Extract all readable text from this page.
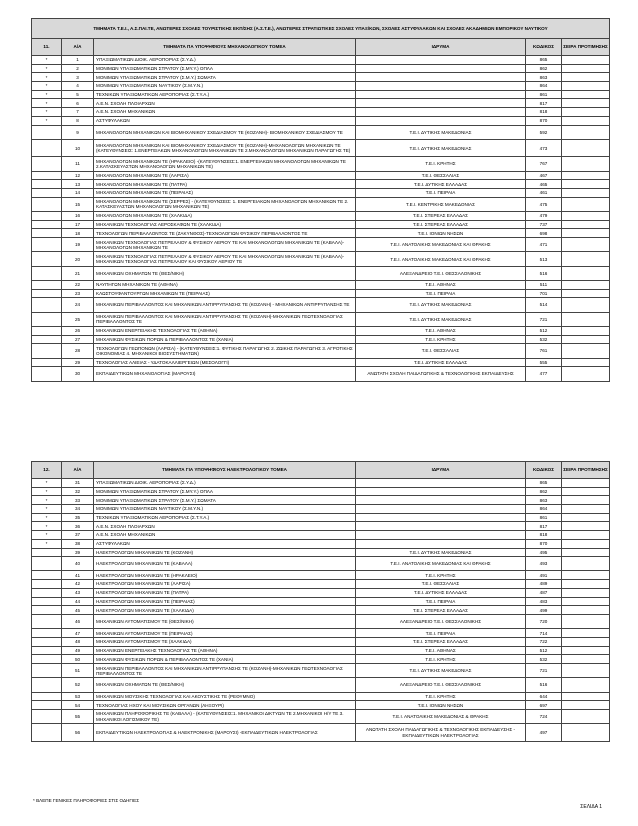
ΤΜΗΜΑΤΑ Τ.Ε.Ι., Α.Σ.ΠΑΙ.ΤΕ, ΑΝΩΤΕΡΕΣ ΣΧΟΛΕΣ ΤΟΥΡΙΣΤΙΚΗΣ ΕΚΠ/ΣΗΣ (Α.Σ.Τ.Ε.), ΑΝΩΤΕΡΕΣ ΣΤΡΑΤΙΩΤΙΚΕΣ ΣΧΟΛΕΣ ΥΠΑΞ/ΚΩΝ, ΣΧΟΛΕΣ ΑΣΤΥΦΥΛΑΚΩΝ ΚΑΙ ΣΧΟΛΕΣ ΑΚΑΔΗΜΙΩΝ ΕΜΠΟΡΙΚΟΥ ΝΑΥΤΙΚΟΥ					
11.	Α/Α	ΤΜΗΜΑΤΑ ΠΑ ΥΠΟΨΗΦΙΟΥΣ ΜΗΧΑΝΟΛΟΓΙΚΟΥ ΤΟΜΕΑ	ΙΔΡΥΜΑ	ΚΩΔΙΚΟΣ	ΣΕΙΡΑ ΠΡΟΤΙΜΗΣΗΣ
*	1	ΥΠΑΞΙΩΜΑΤΙΚΩΝ ΔΙΟΙΚ. ΑΕΡΟΠΟΡΙΑΣ (Σ.Υ.Δ.)		865	
*	2	ΜΟΝΙΜΩΝ ΥΠΑΞΙΩΜΑΤΙΚΩΝ ΣΤΡΑΤΟΥ (Σ.ΜΥ.Υ.) ΟΠΛΑ		862	
*	3	ΜΟΝΙΜΩΝ ΥΠΑΞΙΩΜΑΤΙΚΩΝ ΣΤΡΑΤΟΥ (Σ.Μ.Υ.) ΣΩΜΑΤΑ		863	
*	4	ΜΟΝΙΜΩΝ ΥΠΑΞΙΩΜΑΤΙΚΩΝ ΝΑΥΤΙΚΟΥ (Σ.Μ.Υ.Ν.)		864	
*	5	ΤΕΧΝΙΚΩΝ ΥΠΑΞΙΩΜΑΤΙΚΩΝ ΑΕΡΟΠΟΡΙΑΣ (Σ.Τ.Υ.Α.)		861	
*	6	Α.Ε.Ν. ΣΧΟΛΗ ΠΛΟΙΑΡΧΩΝ		817	
*	7	Α.Ε.Ν. ΣΧΟΛΗ ΜΗΧΑΝΙΚΩΝ		818	
*	8	ΑΣΤΥΦΥΛΑΚΩΝ		870	
	9	ΜΗΧΑΝΟΛΟΓΩΝ ΜΗΧΑΝΙΚΩΝ ΚΑΙ ΒΙΟΜΗΧΑΝΙΚΟΥ ΣΧΕΔΙΑΣΜΟΥ ΤΕ (ΚΟΖΑΝΗ)- ΒΙΟΜΗΧΑΝΙΚΟΥ ΣΧΕΔΙΑΣΜΟΥ ΤΕ	Τ.Ε.Ι. ΔΥΤΙΚΗΣ ΜΑΚΕΔΟΝΙΑΣ	592	
	10	ΜΗΧΑΝΟΛΟΓΩΝ ΜΗΧΑΝΙΚΩΝ ΚΑΙ ΒΙΟΜΗΧΑΝΙΚΟΥ ΣΧΕΔΙΑΣΜΟΥ ΤΕ (ΚΟΖΑΝΗ)-ΜΗΧΑΝΟΛΟΓΩΝ ΜΗΧΑΝΙΚΩΝ ΤΕ (ΚΑΤΕΥΘΥΝΣΕΙΣ: 1.ΕΝΕΡΓΕΙΑΚΩΝ ΜΗΧΑΝΟΛΟΓΩΝ ΜΗΧΑΝΙΚΩΝ ΤΕ 2.ΜΗΧΑΝΟΛΟΓΩΝ ΜΗΧΑΝΙΚΩΝ ΠΑΡΑΓΩΓΗΣ ΤΕ)	Τ.Ε.Ι. ΔΥΤΙΚΗΣ ΜΑΚΕΔΟΝΙΑΣ	473	
	11	ΜΗΧΑΝΟΛΟΓΩΝ ΜΗΧΑΝΙΚΩΝ ΤΕ (ΗΡΑΚΛΕΙΟ) -(ΚΑΤΕΥΘΥΝΣΕΙΣ:1. ΕΝΕΡΓΕΙΑΚΩΝ ΜΗΧΑΝΟΛΟΓΩΝ ΜΗΧΑΝΙΚΩΝ ΤΕ 2.ΚΑΤΑΣΚΕΥΑΣΤΩΝ ΜΗΧΑΝΟΛΟΓΩΝ ΜΗΧΑΝΙΚΩΝ ΤΕ)	Τ.Ε.Ι. ΚΡΗΤΗΣ	767	
	12	ΜΗΧΑΝΟΛΟΓΩΝ ΜΗΧΑΝΙΚΩΝ ΤΕ (ΛΑΡΙΣΑ)	Τ.Ε.Ι. ΘΕΣΣΑΛΙΑΣ	467	
	13	ΜΗΧΑΝΟΛΟΓΩΝ ΜΗΧΑΝΙΚΩΝ ΤΕ (ΠΑΤΡΑ)	Τ.Ε.Ι. ΔΥΤΙΚΗΣ ΕΛΛΑΔΑΣ	465	
	14	ΜΗΧΑΝΟΛΟΓΩΝ ΜΗΧΑΝΙΚΩΝ ΤΕ (ΠΕΙΡΑΙΑΣ)	Τ.Ε.Ι. ΠΕΙΡΑΙΑ	461	
	15	ΜΗΧΑΝΟΛΟΓΩΝ ΜΗΧΑΝΙΚΩΝ ΤΕ (ΣΕΡΡΕΣ) - (ΚΑΤΕΥΘΥΝΣΕΙΣ: 1. ΕΝΕΡΓΕΙΑΚΩΝ ΜΗΧΑΝΟΛΟΓΩΝ ΜΗΧΑΝΙΚΩΝ ΤΕ 2. ΚΑΤΑΣΚΕΥΑΣΤΩΝ ΜΗΧΑΝΟΛΟΓΩΝ ΜΗΧΑΝΙΚΩΝ ΤΕ)	Τ.Ε.Ι. ΚΕΝΤΡΙΚΗΣ ΜΑΚΕΔΟΝΙΑΣ	475	
	16	ΜΗΧΑΝΟΛΟΓΩΝ ΜΗΧΑΝΙΚΩΝ ΤΕ (ΧΑΛΚΙΔΑ)	Τ.Ε.Ι. ΣΤΕΡΕΑΣ ΕΛΛΑΔΑΣ	479	
	17	ΜΗΧΑΝΙΚΩΝ ΤΕΧΝΟΛΟΓΙΑΣ ΑΕΡΟΣΚΑΦΩΝ ΤΕ (ΧΑΛΚΙΔΑ)	Τ.Ε.Ι. ΣΤΕΡΕΑΣ ΕΛΛΑΔΑΣ	737	
	18	ΤΕΧΝΟΛΟΓΩΝ ΠΕΡΙΒΑΛΛΟΝΤΟΣ ΤΕ (ΖΑΚΥΝΘΟΣ)-ΤΕΧΝΟΛΟΓΙΩΝ ΦΥΣΙΚΟΥ ΠΕΡΙΒΑΛΛΟΝΤΟΣ ΤΕ	Τ.Ε.Ι. ΙΟΝΙΩΝ ΝΗΣΩΝ	698	
	19	ΜΗΧΑΝΙΚΩΝ ΤΕΧΝΟΛΟΓΙΑΣ ΠΕΤΡΕΛΑΙΟΥ & ΦΥΣΙΚΟΥ ΑΕΡΙΟΥ ΤΕ ΚΑΙ ΜΗΧΑΝΟΛΟΓΩΝ ΜΗΧΑΝΙΚΩΝ ΤΕ (ΚΑΒΑΛΑ)-ΜΗΧΑΝΟΛΟΓΩΝ ΜΗΧΑΝΙΚΩΝ ΤΕ	Τ.Ε.Ι. ΑΝΑΤΟΛΙΚΗΣ ΜΑΚΕΔΟΝΙΑΣ ΚΑΙ ΘΡΑΚΗΣ	471	
	20	ΜΗΧΑΝΙΚΩΝ ΤΕΧΝΟΛΟΓΙΑΣ ΠΕΤΡΕΛΑΙΟΥ & ΦΥΣΙΚΟΥ ΑΕΡΙΟΥ ΤΕ ΚΑΙ ΜΗΧΑΝΟΛΟΓΩΝ ΜΗΧΑΝΙΚΩΝ ΤΕ (ΚΑΒΑΛΑ)-ΜΗΧΑΝΙΚΩΝ ΤΕΧΝΟΛΟΓΙΑΣ ΠΕΤΡΕΛΑΙΟΥ ΚΑΙ ΦΥΣΙΚΟΥ ΑΕΡΙΟΥ ΤΕ	Τ.Ε.Ι. ΑΝΑΤΟΛΙΚΗΣ ΜΑΚΕΔΟΝΙΑΣ ΚΑΙ ΘΡΑΚΗΣ	513	
	21	ΜΗΧΑΝΙΚΩΝ ΟΧΗΜΑΤΩΝ ΤΕ (ΘΕΣ/ΝΙΚΗ)	ΑΛΕΞΑΝΔΡΕΙΟ Τ.Ε.Ι. ΘΕΣΣΑΛΟΝΙΚΗΣ	516	
	22	ΝΑΥΠΗΓΩΝ ΜΗΧΑΝΙΚΩΝ ΤΕ (ΑΘΗΝΑ)	Τ.Ε.Ι. ΑΘΗΝΑΣ	511	
	23	ΚΛΩΣΤΟΥΦΑΝΤΟΥΡΓΩΝ ΜΗΧΑΝΙΚΩΝ ΤΕ (ΠΕΙΡΑΙΑΣ)	Τ.Ε.Ι. ΠΕΙΡΑΙΑ	701	
	24	ΜΗΧΑΝΙΚΩΝ ΠΕΡΙΒΑΛΛΟΝΤΟΣ ΚΑΙ ΜΗΧΑΝΙΚΩΝ ΑΝΤΙΡΡΥΠΑΝΣΗΣ ΤΕ (ΚΟΖΑΝΗ) - ΜΗΧΑΝΙΚΩΝ ΑΝΤΙΡΡΥΠΑΝΣΗΣ ΤΕ	Τ.Ε.Ι. ΔΥΤΙΚΗΣ ΜΑΚΕΔΟΝΙΑΣ	514	
	25	ΜΗΧΑΝΙΚΩΝ ΠΕΡΙΒΑΛΛΟΝΤΟΣ ΚΑΙ ΜΗΧΑΝΙΚΩΝ ΑΝΤΙΡΡΥΠΑΝΣΗΣ ΤΕ (ΚΟΖΑΝΗ)-ΜΗΧΑΝΙΚΩΝ ΓΕΩΤΕΧΝΟΛΟΓΙΑΣ ΠΕΡΙΒΑΛΛΟΝΤΟΣ ΤΕ	Τ.Ε.Ι. ΔΥΤΙΚΗΣ ΜΑΚΕΔΟΝΙΑΣ	721	
	26	ΜΗΧΑΝΙΚΩΝ ΕΝΕΡΓΕΙΑΚΗΣ ΤΕΧΝΟΛΟΓΙΑΣ ΤΕ (ΑΘΗΝΑ)	Τ.Ε.Ι. ΑΘΗΝΑΣ	512	
	27	ΜΗΧΑΝΙΚΩΝ ΦΥΣΙΚΩΝ ΠΟΡΩΝ & ΠΕΡΙΒΑΛΛΟΝΤΟΣ ΤΕ (ΧΑΝΙΑ)	Τ.Ε.Ι. ΚΡΗΤΗΣ	532	
	28	ΤΕΧΝΟΛΟΓΩΝ ΓΕΩΠΟΝΩΝ (ΛΑΡΙΣΑ) - (ΚΑΤΕΥΘΥΝΣΕΙΣ:1. ΦΥΤΙΚΗΣ ΠΑΡΑΓΩΓΗΣ 2. ΖΩΙΚΗΣ ΠΑΡΑΓΩΓΗΣ 3. ΑΓΡΟΤΙΚΗΣ ΟΙΚΟΝΟΜΙΑΣ 4. ΜΗΧΑΝΙΚΟΙ ΒΙΟΣΥΣΤΗΜΑΤΩΝ)	Τ.Ε.Ι. ΘΕΣΣΑΛΙΑΣ	761	
	29	ΤΕΧΝΟΛΟΓΙΑΣ ΑΛΙΕΙΑΣ - ΥΔΑΤΟΚΑΛΛΙΕΡΓΕΙΩΝ (ΜΕΣΟΛΟΓΓΙ)	Τ.Ε.Ι. ΔΥΤΙΚΗΣ ΕΛΛΑΔΑΣ	555	
	30	ΕΚΠΑΙΔΕΥΤΙΚΩΝ ΜΗΧΑΝΟΛΟΓΙΑΣ (ΜΑΡΟΥΣΙ)	ΑΝΩΤΑΤΗ ΣΧΟΛΗ ΠΑΙΔΑΓΩΓΙΚΗΣ & ΤΕΧΝΟΛΟΓΙΚΗΣ ΕΚΠΑΙΔΕΥΣΗΣ	477	
12.	Α/Α	ΤΜΗΜΑΤΑ ΓΙΑ ΥΠΟΨΗΦΙΟΥΣ ΗΛΕΚΤΡΟΛΟΓΙΚΟΥ ΤΟΜΕΑ	ΙΔΡΥΜΑ	ΚΩΔΙΚΟΣ	ΣΕΙΡΑ ΠΡΟΤΙΜΗΣΗΣ
*	31	ΥΠΑΞΙΩΜΑΤΙΚΩΝ ΔΙΟΙΚ. ΑΕΡΟΠΟΡΙΑΣ (Σ.Υ.Δ.)		865	
*	32	ΜΟΝΙΜΩΝ ΥΠΑΞΙΩΜΑΤΙΚΩΝ ΣΤΡΑΤΟΥ (Σ.ΜΥ.Υ.) ΟΠΛΑ		862	
*	33	ΜΟΝΙΜΩΝ ΥΠΑΞΙΩΜΑΤΙΚΩΝ ΣΤΡΑΤΟΥ (Σ.Μ.Υ.) ΣΩΜΑΤΑ		863	
*	34	ΜΟΝΙΜΩΝ ΥΠΑΞΙΩΜΑΤΙΚΩΝ ΝΑΥΤΙΚΟΥ (Σ.Μ.Υ.Ν.)		864	
*	35	ΤΕΧΝΙΚΩΝ ΥΠΑΞΙΩΜΑΤΙΚΩΝ ΑΕΡΟΠΟΡΙΑΣ (Σ.Τ.Υ.Α.)		861	
*	36	Α.Ε.Ν. ΣΧΟΛΗ ΠΛΟΙΑΡΧΩΝ		817	
*	37	Α.Ε.Ν. ΣΧΟΛΗ ΜΗΧΑΝΙΚΩΝ		818	
*	38	ΑΣΤΥΦΥΛΑΚΩΝ		870	
	39	ΗΛΕΚΤΡΟΛΟΓΩΝ ΜΗΧΑΝΙΚΩΝ ΤΕ (ΚΟΖΑΝΗ)	Τ.Ε.Ι. ΔΥΤΙΚΗΣ ΜΑΚΕΔΟΝΙΑΣ	495	
	40	ΗΛΕΚΤΡΟΛΟΓΩΝ ΜΗΧΑΝΙΚΩΝ ΤΕ (ΚΑΒΑΛΑ)	Τ.Ε.Ι. ΑΝΑΤΟΛΙΚΗΣ ΜΑΚΕΔΟΝΙΑΣ ΚΑΙ ΘΡΑΚΗΣ	493	
	41	ΗΛΕΚΤΡΟΛΟΓΩΝ ΜΗΧΑΝΙΚΩΝ ΤΕ (ΗΡΑΚΛΕΙΟ)	Τ.Ε.Ι. ΚΡΗΤΗΣ	491	
	42	ΗΛΕΚΤΡΟΛΟΓΩΝ ΜΗΧΑΝΙΚΩΝ ΤΕ (ΛΑΡΙΣΑ)	Τ.Ε.Ι. ΘΕΣΣΑΛΙΑΣ	489	
	43	ΗΛΕΚΤΡΟΛΟΓΩΝ ΜΗΧΑΝΙΚΩΝ ΤΕ (ΠΑΤΡΑ)	Τ.Ε.Ι. ΔΥΤΙΚΗΣ ΕΛΛΑΔΑΣ	487	
	44	ΗΛΕΚΤΡΟΛΟΓΩΝ ΜΗΧΑΝΙΚΩΝ ΤΕ (ΠΕΙΡΑΙΑΣ)	Τ.Ε.Ι. ΠΕΙΡΑΙΑ	483	
	45	ΗΛΕΚΤΡΟΛΟΓΩΝ ΜΗΧΑΝΙΚΩΝ ΤΕ (ΧΑΛΚΙΔΑ)	Τ.Ε.Ι. ΣΤΕΡΕΑΣ ΕΛΛΑΔΑΣ	499	
	46	ΜΗΧΑΝΙΚΩΝ ΑΥΤΟΜΑΤΙΣΜΟΥ ΤΕ (ΘΕΣ/ΝΙΚΗ)	ΑΛΕΞΑΝΔΡΕΙΟ Τ.Ε.Ι. ΘΕΣΣΑΛΟΝΙΚΗΣ	720	
	47	ΜΗΧΑΝΙΚΩΝ ΑΥΤΟΜΑΤΙΣΜΟΥ ΤΕ (ΠΕΙΡΑΙΑΣ)	Τ.Ε.Ι. ΠΕΙΡΑΙΑ	714	
	48	ΜΗΧΑΝΙΚΩΝ ΑΥΤΟΜΑΤΙΣΜΟΥ ΤΕ (ΧΑΛΚΙΔΑ)	Τ.Ε.Ι. ΣΤΕΡΕΑΣ ΕΛΛΑΔΑΣ	722	
	49	ΜΗΧΑΝΙΚΩΝ ΕΝΕΡΓΕΙΑΚΗΣ ΤΕΧΝΟΛΟΓΙΑΣ ΤΕ (ΑΘΗΝΑ)	Τ.Ε.Ι. ΑΘΗΝΑΣ	512	
	50	ΜΗΧΑΝΙΚΩΝ ΦΥΣΙΚΩΝ ΠΟΡΩΝ & ΠΕΡΙΒΑΛΛΟΝΤΟΣ ΤΕ (ΧΑΝΙΑ)	Τ.Ε.Ι. ΚΡΗΤΗΣ	532	
	51	ΜΗΧΑΝΙΚΩΝ ΠΕΡΙΒΑΛΛΟΝΤΟΣ ΚΑΙ ΜΗΧΑΝΙΚΩΝ ΑΝΤΙΡΡΥΠΑΝΣΗΣ ΤΕ (ΚΟΖΑΝΗ)-ΜΗΧΑΝΙΚΩΝ ΓΕΩΤΕΧΝΟΛΟΓΙΑΣ ΠΕΡΙΒΑΛΛΟΝΤΟΣ ΤΕ	Τ.Ε.Ι. ΔΥΤΙΚΗΣ ΜΑΚΕΔΟΝΙΑΣ	721	
	52	ΜΗΧΑΝΙΚΩΝ ΟΧΗΜΑΤΩΝ ΤΕ (ΘΕΣ/ΝΙΚΗ)	ΑΛΕΞΑΝΔΡΕΙΟ Τ.Ε.Ι. ΘΕΣΣΑΛΟΝΙΚΗΣ	516	
	53	ΜΗΧΑΝΙΚΩΝ ΜΟΥΣΙΚΗΣ ΤΕΧΝΟΛΟΓΙΑΣ ΚΑΙ ΑΚΟΥΣΤΙΚΗΣ ΤΕ (ΡΕΘΥΜΝΟ)	Τ.Ε.Ι. ΚΡΗΤΗΣ	644	
	54	ΤΕΧΝΟΛΟΓΙΑΣ ΗΧΟΥ ΚΑΙ ΜΟΥΣΙΚΩΝ ΟΡΓΑΝΩΝ (ΛΗΞΟΥΡΙ)	Τ.Ε.Ι. ΙΟΝΙΩΝ ΝΗΣΩΝ	697	
	55	ΜΗΧΑΝΙΚΩΝ ΠΛΗΡΟΦΟΡΙΚΗΣ ΤΕ (ΚΑΒΑΛΑ) - (ΚΑΤΕΥΘΥΝΣΕΙΣ:1. ΜΗΧΑΝΙΚΟΙ ΔΙΚΤΥΩΝ ΤΕ 2.ΜΗΧΑΝΙΚΟΙ Η/Υ ΤΕ 3. ΜΗΧΑΝΙΚΟΙ ΛΟΓΙΣΜΙΚΟΥ ΤΕ)	Τ.Ε.Ι. ΑΝΑΤΟΛΙΚΗΣ ΜΑΚΕΔΟΝΙΑΣ & ΘΡΑΚΗΣ	724	
	56	ΕΚΠΑΙΔΕΥΤΙΚΩΝ ΗΛΕΚΤΡΟΛΟΓΙΑΣ & ΗΛΕΚΤΡΟΝΙΚΗΣ (ΜΑΡΟΥΣΙ) -ΕΚΠΑΙΔΕΥΤΙΚΩΝ ΗΛΕΚΤΡΟΛΟΓΙΑΣ	ΑΝΩΤΑΤΗ ΣΧΟΛΗ ΠΑΙΔΑΓΩΓΙΚΗΣ & ΤΕΧΝΟΛΟΓΙΚΗΣ ΕΚΠΑΙΔΕΥΣΗΣ - ΕΚΠΑΙΔΕΥΤΙΚΩΝ ΗΛΕΚΤΡΟΛΟΓΙΑΣ	497	
* ΒΛΕΠΕ ΓΕΝΙΚΕΣ ΠΛΗΡΟΦΟΡΙΕΣ ΣΤΙΣ ΟΔΗΓΙΕΣ
ΣΕΛΙΔΑ 1
